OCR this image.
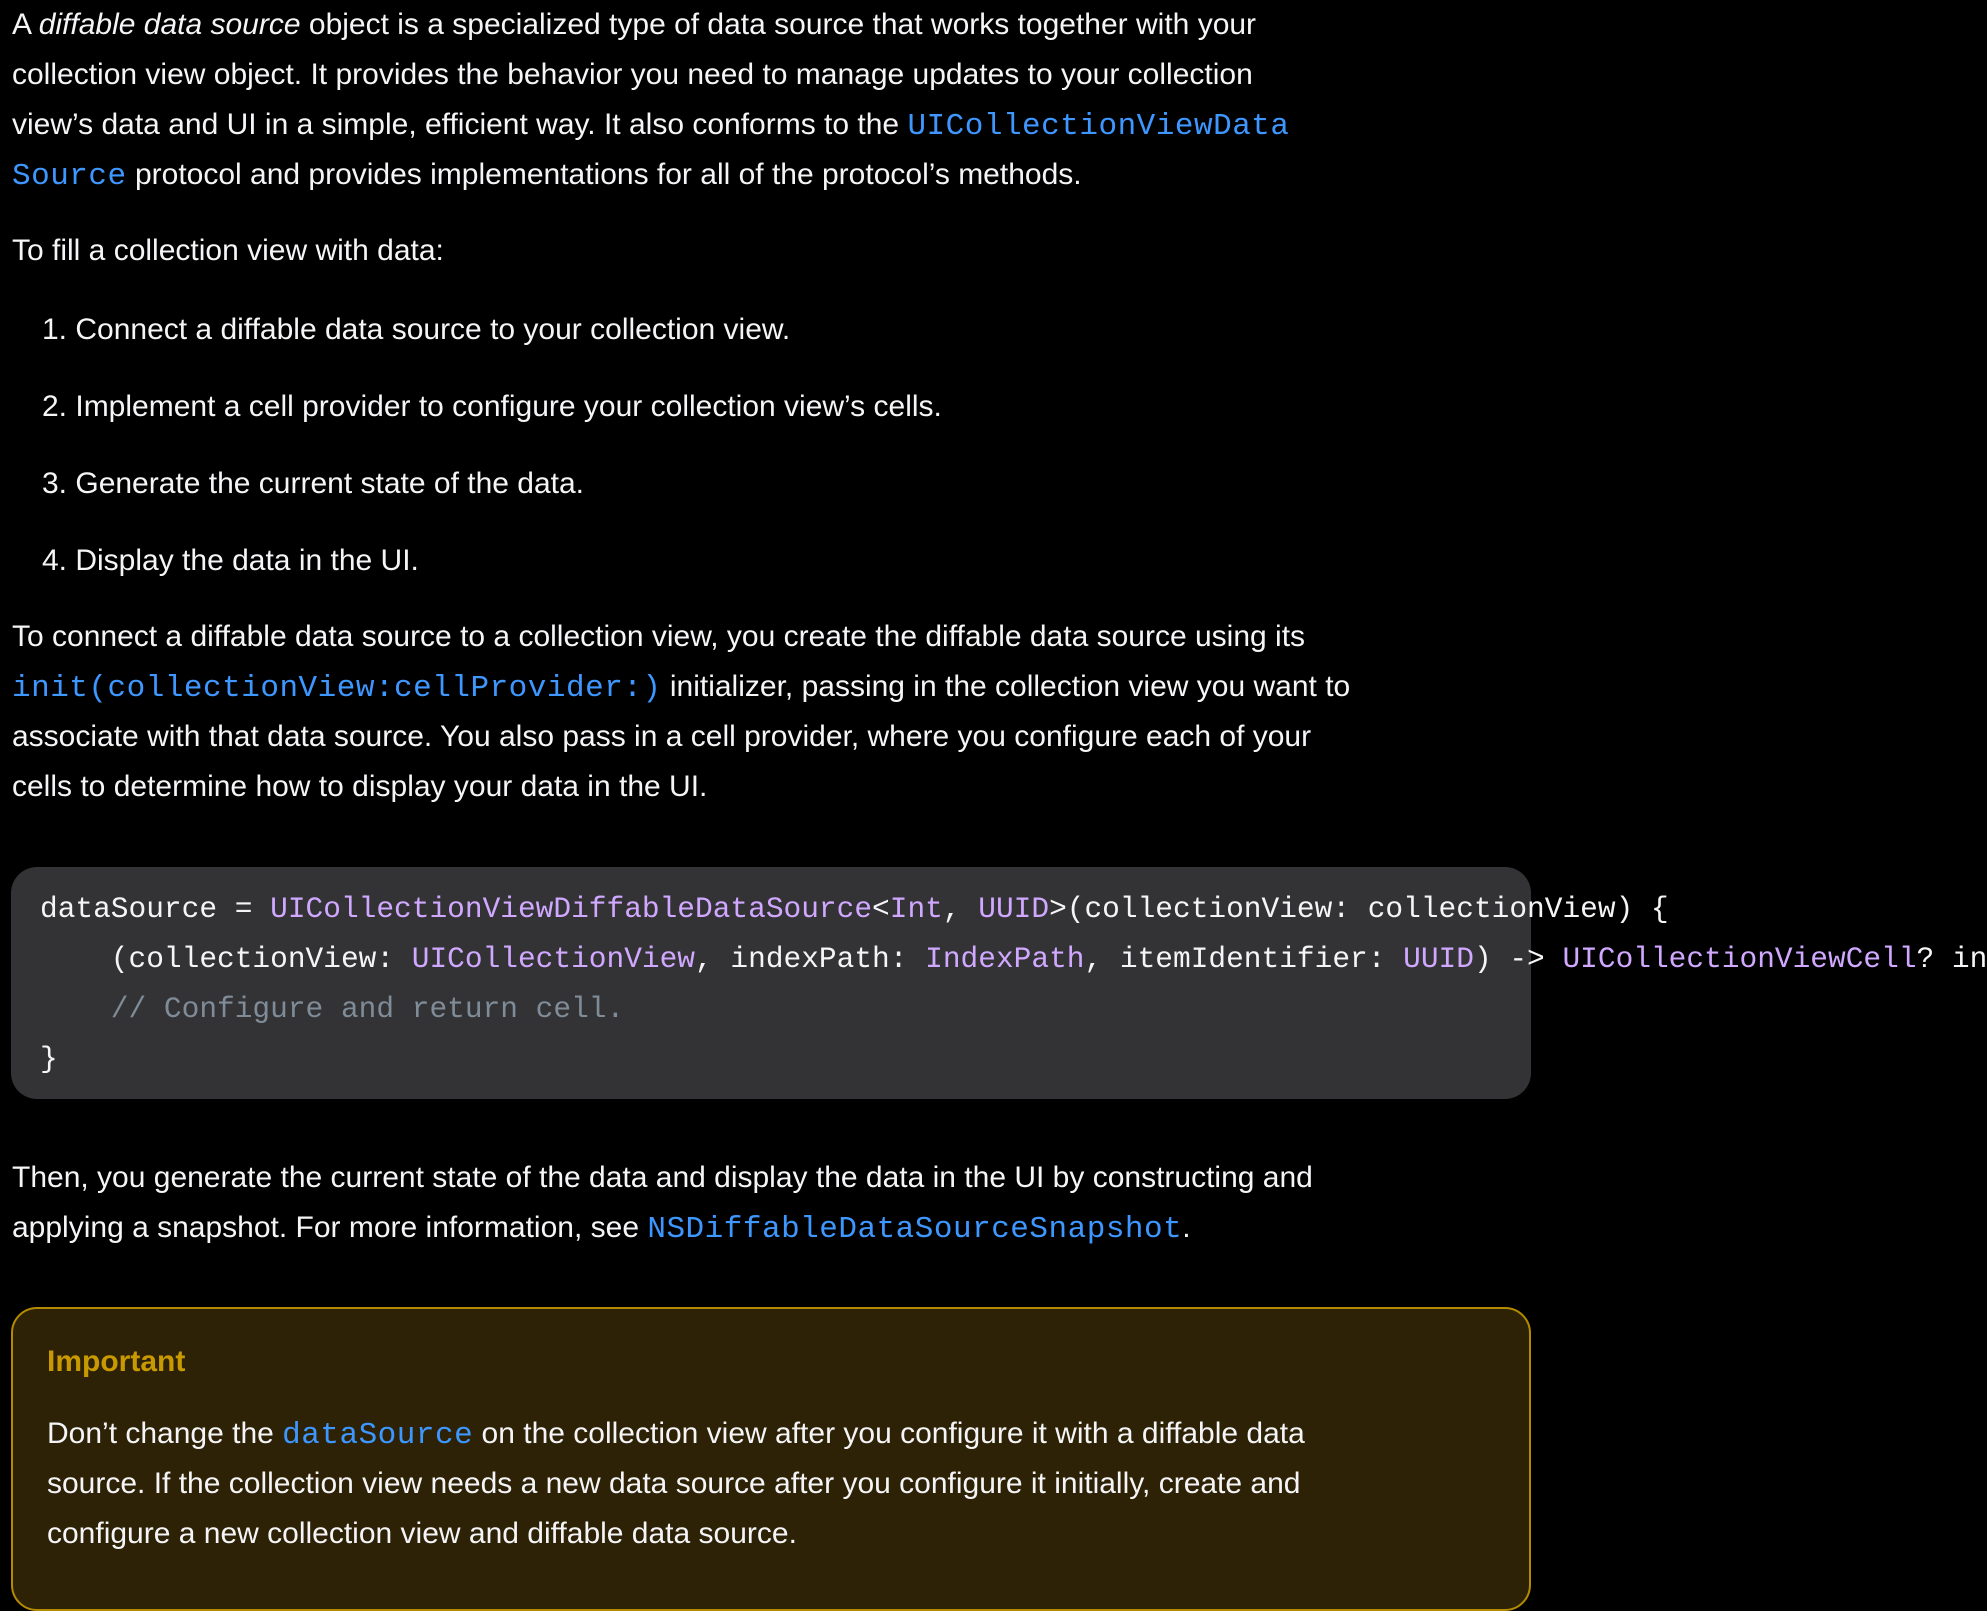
A diffable data source object is a specialized type of data source that works together with your
collection view object. It provides the behavior you need to manage updates to your collection
view’s data and UI in a simple, efficient way. It also conforms to the UICollectionViewData
Source protocol and provides implementations for all of the protocol’s methods.
To fill a collection view with data:
1. Connect a diffable data source to your collection view.
2. Implement a cell provider to configure your collection view’s cells.
3. Generate the current state of the data.
4. Display the data in the UI.
To connect a diffable data source to a collection view, you create the diffable data source using its
init(collectionView:cellProvider:) initializer, passing in the collection view you want to
associate with that data source. You also pass in a cell provider, where you configure each of your
cells to determine how to display your data in the UI.
dataSource = UICollectionViewDiffableDataSource<Int, UUID>(collectionView: collectionView) {
(collectionView: UICollectionView, indexPath: IndexPath, itemIdentifier: UUID) -> UICollectionViewCell? in
// Configure and return cell.
}
Then, you generate the current state of the data and display the data in the UI by constructing and
applying a snapshot. For more information, see NSDiffableDataSourceSnapshot.
Important
Don’t change the dataSource on the collection view after you configure it with a diffable data
source. If the collection view needs a new data source after you configure it initially, create and
configure a new collection view and diffable data source.
